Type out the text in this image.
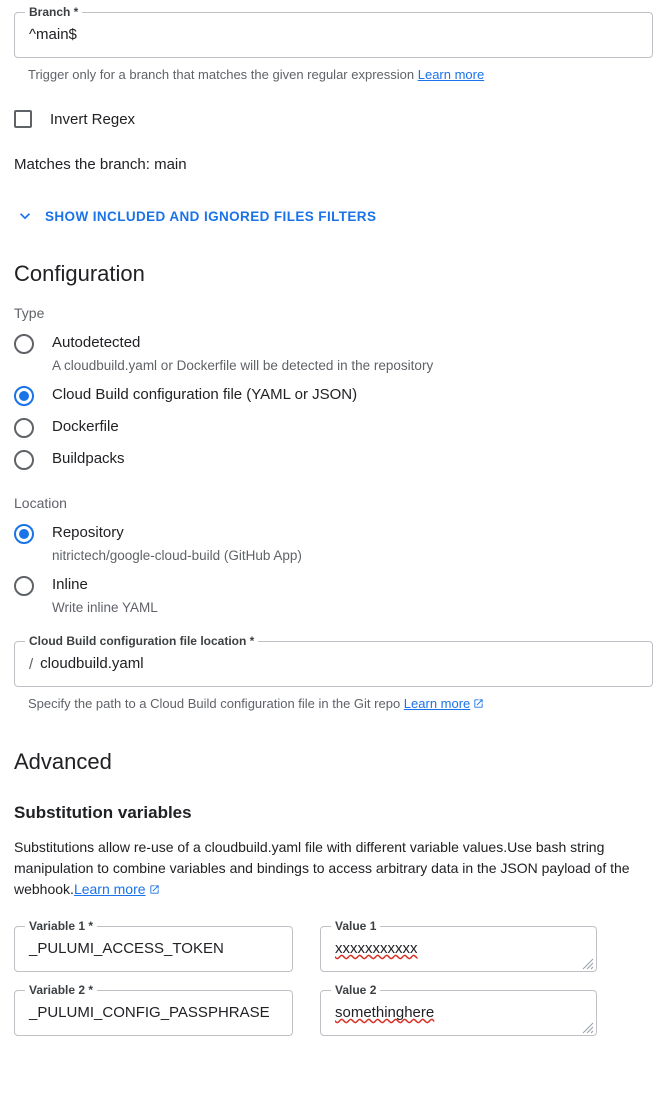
Branch *
^main$
Trigger only for a branch that matches the given regular expression Learn more
Invert Regex
Matches the branch: main
SHOW INCLUDED AND IGNORED FILES FILTERS
Configuration
Type
Autodetected
A cloudbuild.yaml or Dockerfile will be detected in the repository
Cloud Build configuration file (YAML or JSON)
Dockerfile
Buildpacks
Location
Repository
nitrictech/google-cloud-build (GitHub App)
Inline
Write inline YAML
Cloud Build configuration file location *
/ cloudbuild.yaml
Specify the path to a Cloud Build configuration file in the Git repo Learn more
Advanced
Substitution variables
Substitutions allow re-use of a cloudbuild.yaml file with different variable values.Use bash string manipulation to combine variables and bindings to access arbitrary data in the JSON payload of the webhook.Learn more
Variable 1 *
_PULUMI_ACCESS_TOKEN
Value 1
xxxxxxxxxxx
Variable 2 *
_PULUMI_CONFIG_PASSPHRASE
Value 2
somethinghere
